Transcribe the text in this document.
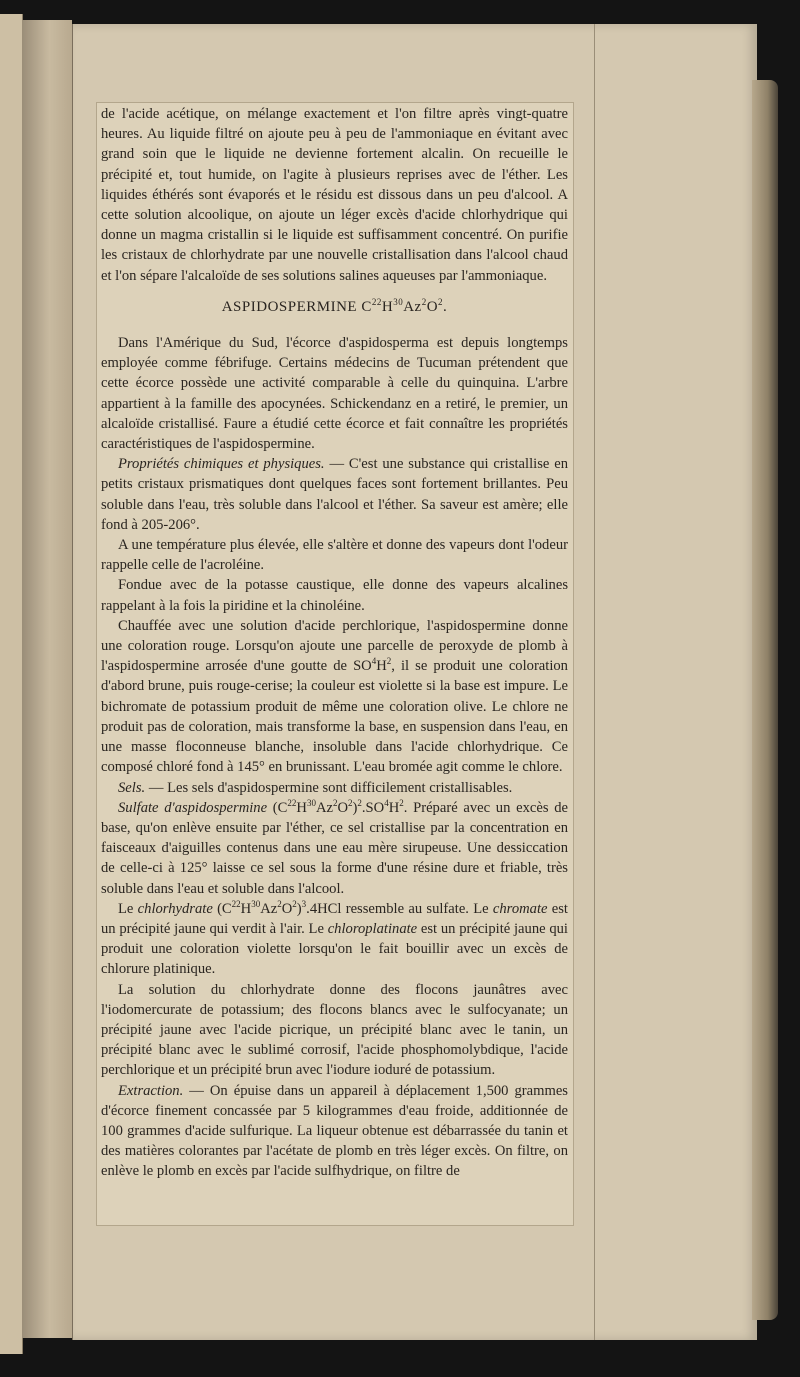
de l'acide acétique, on mélange exactement et l'on filtre après vingt-quatre heures. Au liquide filtré on ajoute peu à peu de l'ammoniaque en évitant avec grand soin que le liquide ne devienne fortement alcalin. On recueille le précipité et, tout humide, on l'agite à plusieurs reprises avec de l'éther. Les liquides éthérés sont évaporés et le résidu est dissous dans un peu d'alcool. A cette solution alcoolique, on ajoute un léger excès d'acide chlorhydrique qui donne un magma cristallin si le liquide est suffisamment concentré. On purifie les cristaux de chlorhydrate par une nouvelle cristallisation dans l'alcool chaud et l'on sépare l'alcaloïde de ses solutions salines aqueuses par l'ammoniaque.

ASPIDOSPERMINE $C^{22}H^{30}Az^2O^2$.

Dans l'Amérique du Sud, l'écorce d'aspidosperma est depuis longtemps employée comme fébrifuge. Certains médecins de Tucuman prétendent que cette écorce possède une activité comparable à celle du quinquina. L'arbre appartient à la famille des apocynées. Schickendanz en a retiré, le premier, un alcaloïde cristallisé. Faure a étudié cette écorce et fait connaître les propriétés caractéristiques de l'aspidospermine.

Propriétés chimiques et physiques. — C'est une substance qui cristallise en petits cristaux prismatiques dont quelques faces sont fortement brillantes. Peu soluble dans l'eau, très soluble dans l'alcool et l'éther. Sa saveur est amère; elle fond à 205-206°.

A une température plus élevée, elle s'altère et donne des vapeurs dont l'odeur rappelle celle de l'acroléine.

Fondue avec de la potasse caustique, elle donne des vapeurs alcalines rappelant à la fois la piridine et la chinoléine.

Chauffée avec une solution d'acide perchlorique, l'aspidospermine donne une coloration rouge. Lorsqu'on ajoute une parcelle de peroxyde de plomb à l'aspidospermine arrosée d'une goutte de $SO^4H^2$, il se produit une coloration d'abord brune, puis rouge-cerise; la couleur est violette si la base est impure. Le bichromate de potassium produit de même une coloration olive. Le chlore ne produit pas de coloration, mais transforme la base, en suspension dans l'eau, en une masse floconneuse blanche, insoluble dans l'acide chlorhydrique. Ce composé chloré fond à 145° en brunissant. L'eau bromée agit comme le chlore.

Sels. — Les sels d'aspidospermine sont difficilement cristallisables.

Sulfate d'aspidospermine $(C^{22}H^{30}Az^2O^2)^2.SO^4H^2$. Préparé avec un excès de base, qu'on enlève ensuite par l'éther, ce sel cristallise par la concentration en faisceaux d'aiguilles contenus dans une eau mère sirupeuse. Une dessiccation de celle-ci à 125° laisse ce sel sous la forme d'une résine dure et friable, très soluble dans l'eau et soluble dans l'alcool.

Le chlorhydrate $(C^{22}H^{30}Az^2O^2)^3.4HCl$ ressemble au sulfate. Le chromate est un précipité jaune qui verdit à l'air. Le chloroplatinate est un précipité jaune qui produit une coloration violette lorsqu'on le fait bouillir avec un excès de chlorure platinique.

La solution du chlorhydrate donne des flocons jaunâtres avec l'iodomercurate de potassium; des flocons blancs avec le sulfocyanate; un précipité jaune avec l'acide picrique, un précipité blanc avec le tanin, un précipité blanc avec le sublimé corrosif, l'acide phosphomolybdique, l'acide perchlorique et un précipité brun avec l'iodure ioduré de potassium.

Extraction. — On épuise dans un appareil à déplacement 1,500 grammes d'écorce finement concassée par 5 kilogrammes d'eau froide, additionnée de 100 grammes d'acide sulfurique. La liqueur obtenue est débarrassée du tanin et des matières colorantes par l'acétate de plomb en très léger excès. On filtre, on enlève le plomb en excès par l'acide sulfhydrique, on filtre de
